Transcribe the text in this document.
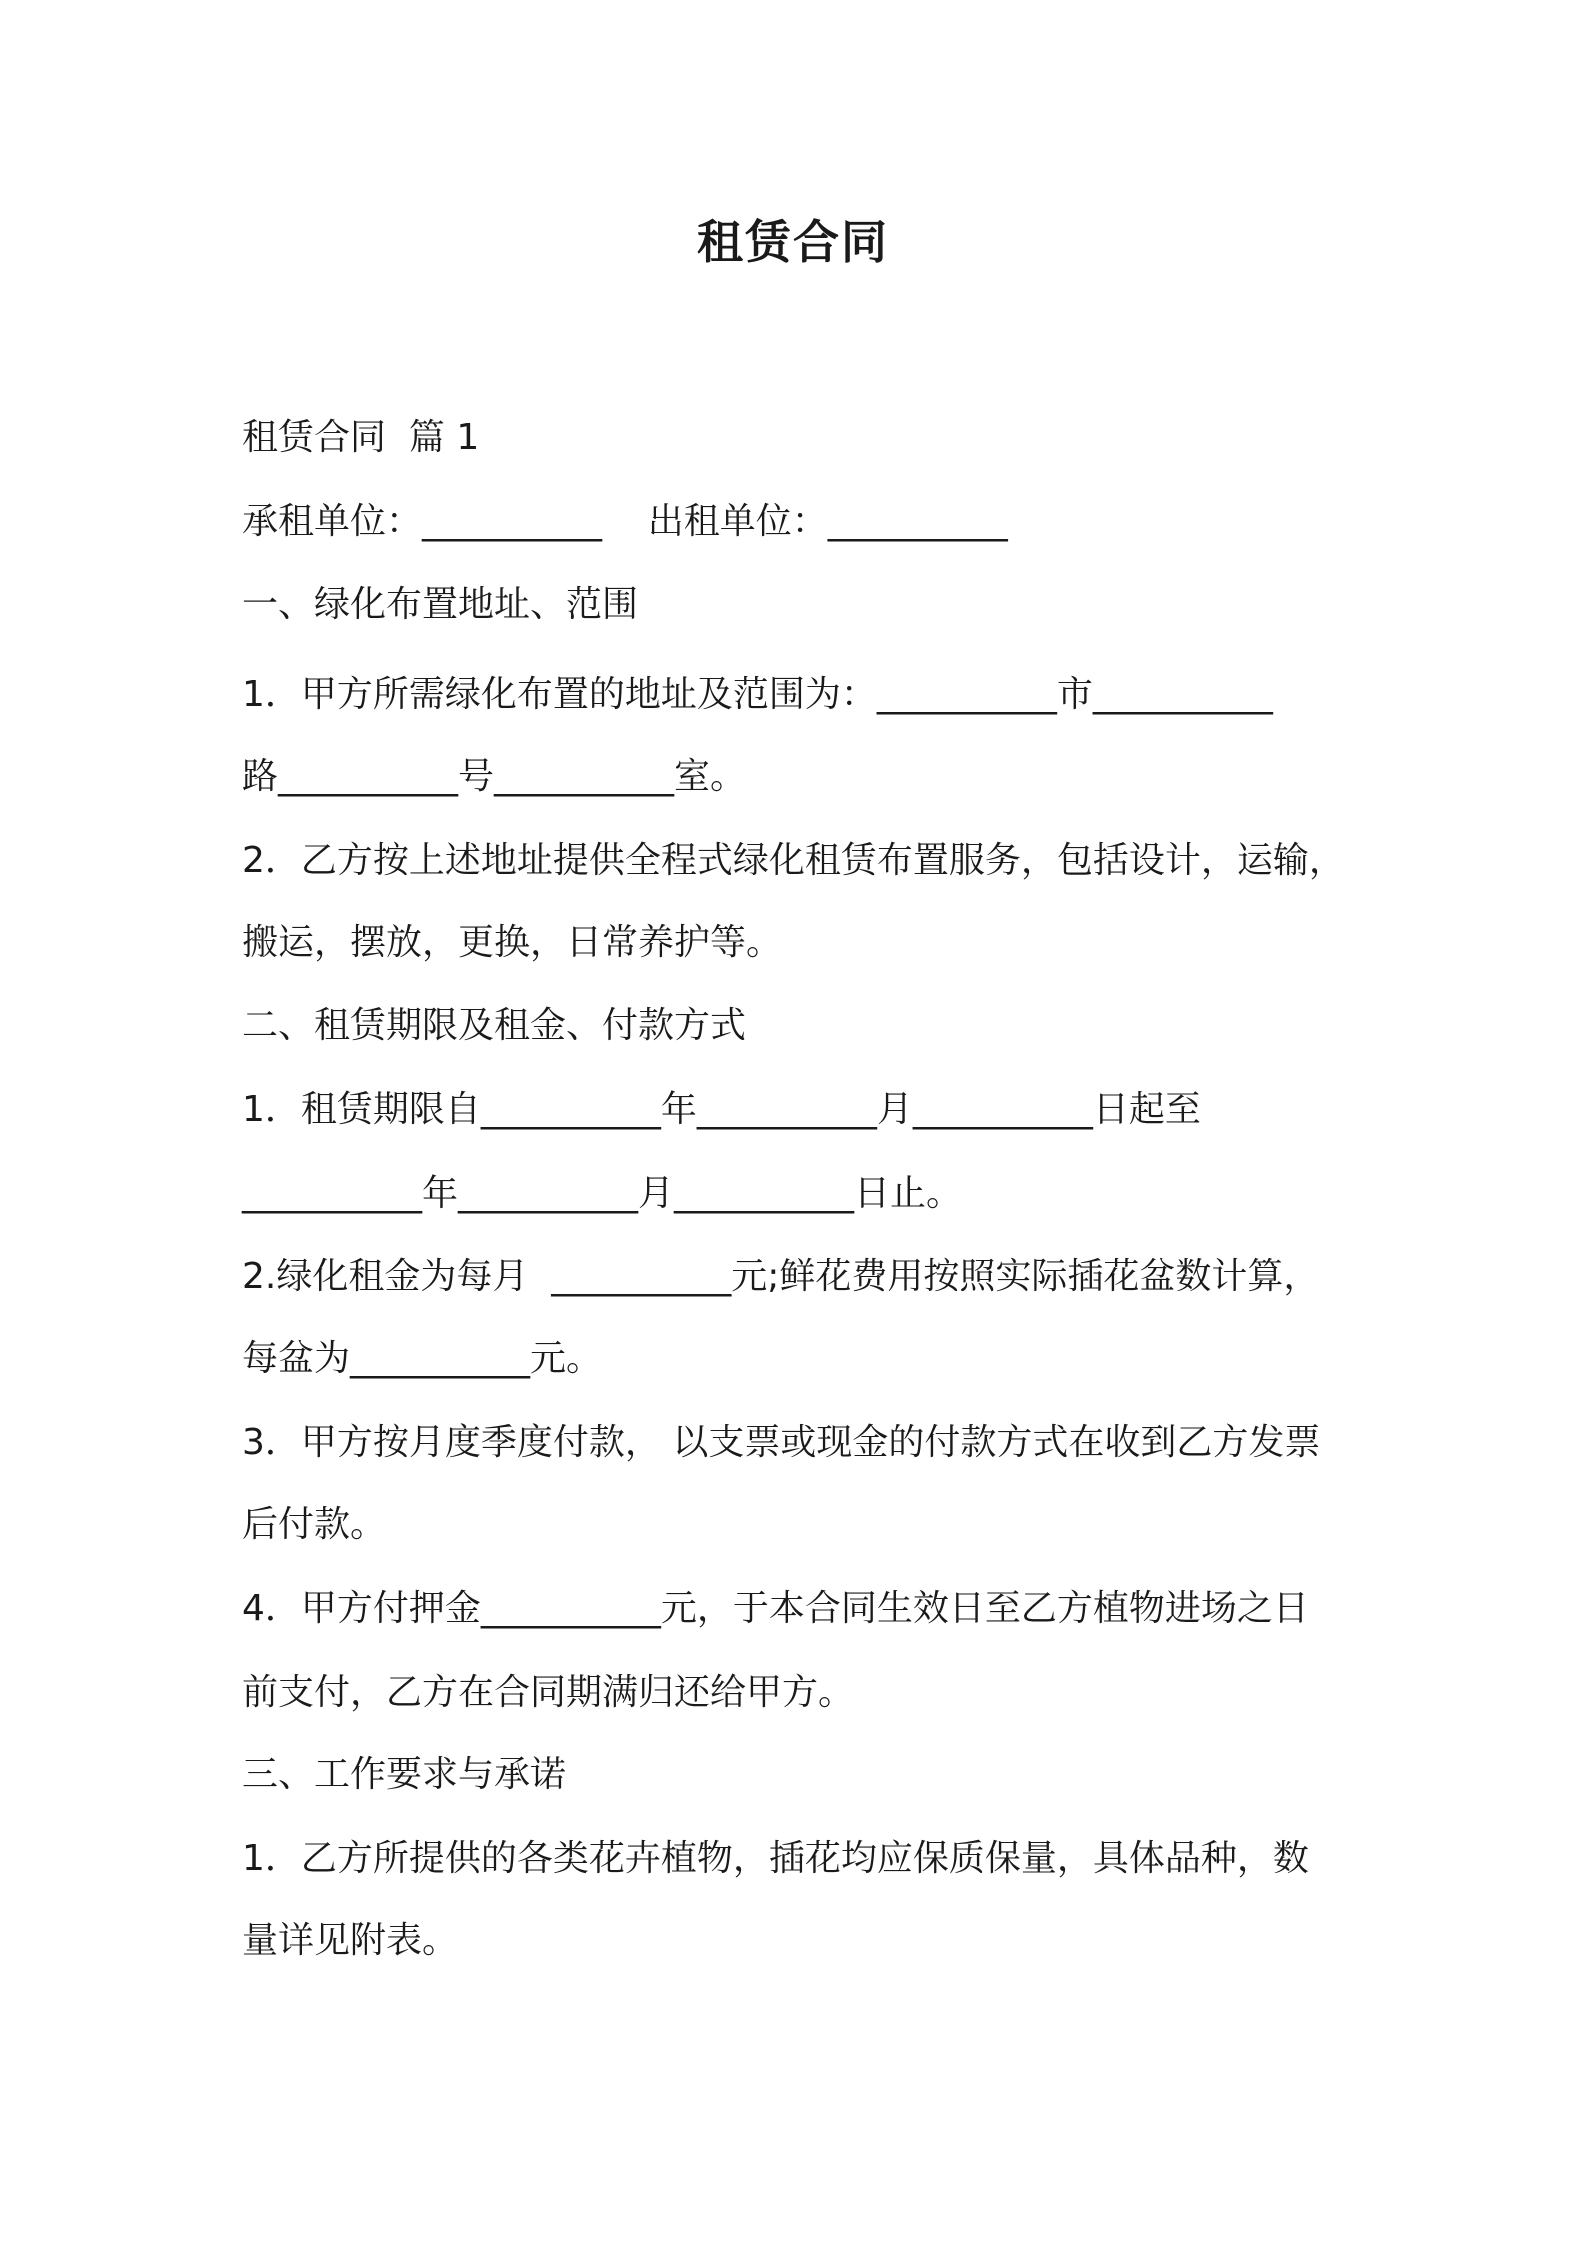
租赁合同
租赁合同  篇 1
承租单位：__________    出租单位：__________
一、绿化布置地址、范围
1．甲方所需绿化布置的地址及范围为：__________市__________
路__________号__________室。
2．乙方按上述地址提供全程式绿化租赁布置服务，包括设计，运输，
搬运，摆放，更换，日常养护等。
二、租赁期限及租金、付款方式
1．租赁期限自__________年__________月__________日起至
__________年__________月__________日止。
2.绿化租金为每月  __________元;鲜花费用按照实际插花盆数计算，
每盆为__________元。
3．甲方按月度季度付款， 以支票或现金的付款方式在收到乙方发票
后付款。
4．甲方付押金__________元，于本合同生效日至乙方植物进场之日
前支付，乙方在合同期满归还给甲方。
三、工作要求与承诺
1．乙方所提供的各类花卉植物，插花均应保质保量，具体品种，数
量详见附表。
